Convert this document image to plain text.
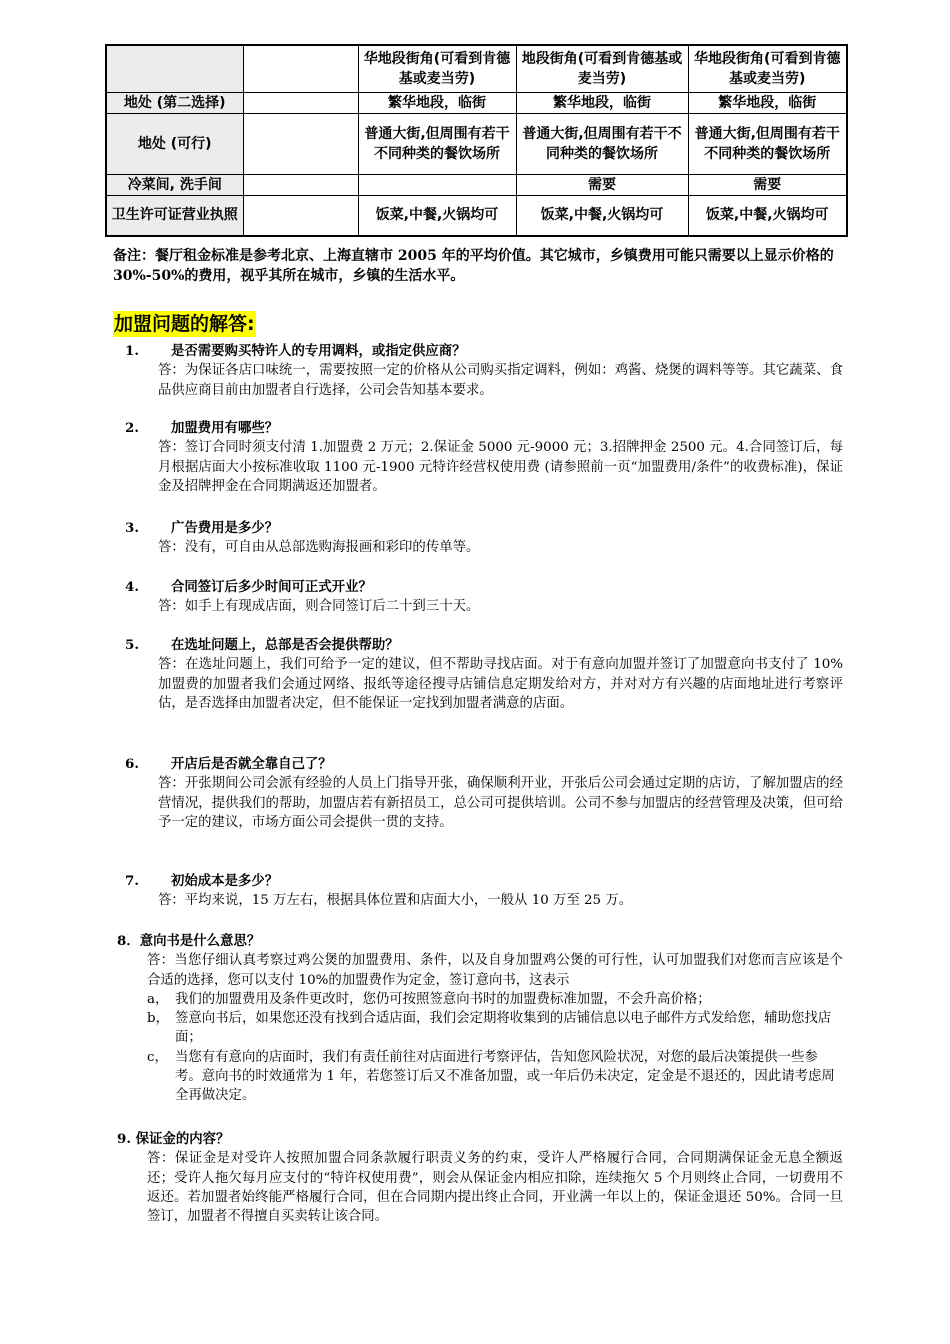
		华地段街角(可看到肯德基或麦当劳)	地段街角(可看到肯德基或麦当劳)	华地段街角(可看到肯德基或麦当劳)
地处 (第二选择)		繁华地段，临街	繁华地段，临街	繁华地段，临街
地处 (可行)		普通大街,但周围有若干不同种类的餐饮场所	普通大街,但周围有若干不同种类的餐饮场所	普通大街,但周围有若干不同种类的餐饮场所
冷菜间, 洗手间			需要	需要
卫生许可证营业执照		饭菜,中餐,火锅均可	饭菜,中餐,火锅均可	饭菜,中餐,火锅均可
备注：餐厅租金标准是参考北京、上海直辖市 2005 年的平均价值。其它城市，乡镇费用可能只需要以上显示价格的 30%-50%的费用，视乎其所在城市，乡镇的生活水平。
加盟问题的解答:
1.	是否需要购买特许人的专用调料，或指定供应商？
答：为保证各店口味统一，需要按照一定的价格从公司购买指定调料，例如：鸡酱、烧煲的调料等等。其它蔬菜、食品供应商目前由加盟者自行选择，公司会告知基本要求。
2.	加盟费用有哪些？
答：签订合同时须支付清 1.加盟费 2 万元；2.保证金 5000 元-9000 元；3.招牌押金 2500 元。4.合同签订后，每月根据店面大小按标准收取 1100 元-1900 元特许经营权使用费 (请参照前一页“加盟费用/条件”的收费标准)，保证金及招牌押金在合同期满返还加盟者。
3.	广告费用是多少？
答：没有，可自由从总部选购海报画和彩印的传单等。
4.	合同签订后多少时间可正式开业？
答：如手上有现成店面，则合同签订后二十到三十天。
5.	在选址问题上，总部是否会提供帮助？
答：在选址问题上，我们可给予一定的建议，但不帮助寻找店面。对于有意向加盟并签订了加盟意向书支付了 10%加盟费的加盟者我们会通过网络、报纸等途径搜寻店铺信息定期发给对方，并对对方有兴趣的店面地址进行考察评估，是否选择由加盟者决定，但不能保证一定找到加盟者满意的店面。
6.	开店后是否就全靠自己了？
答：开张期间公司会派有经验的人员上门指导开张，确保顺利开业，开张后公司会通过定期的店访，了解加盟店的经营情况，提供我们的帮助，加盟店若有新招员工，总公司可提供培训。公司不参与加盟店的经营管理及决策，但可给予一定的建议，市场方面公司会提供一贯的支持。
7.	初始成本是多少？
答：平均来说，15 万左右，根据具体位置和店面大小，一般从 10 万至 25 万。
8．意向书是什么意思？
答：当您仔细认真考察过鸡公煲的加盟费用、条件，以及自身加盟鸡公煲的可行性，认可加盟我们对您而言应该是个合适的选择，您可以支付 10%的加盟费作为定金，签订意向书，这表示
a， 我们的加盟费用及条件更改时，您仍可按照签意向书时的加盟费标准加盟，不会升高价格；
b， 签意向书后，如果您还没有找到合适店面，我们会定期将收集到的店铺信息以电子邮件方式发给您，辅助您找店面；
c， 当您有有意向的店面时，我们有责任前往对店面进行考察评估，告知您风险状况，对您的最后决策提供一些参考。意向书的时效通常为 1 年，若您签订后又不准备加盟，或一年后仍未决定，定金是不退还的，因此请考虑周全再做决定。
9. 保证金的内容？
答：保证金是对受许人按照加盟合同条款履行职责义务的约束，受许人严格履行合同，合同期满保证金无息全额返还；受许人拖欠每月应支付的“特许权使用费”，则会从保证金内相应扣除，连续拖欠 5 个月则终止合同，一切费用不返还。若加盟者始终能严格履行合同，但在合同期内提出终止合同，开业满一年以上的，保证金退还 50%。合同一旦签订，加盟者不得擅自买卖转让该合同。
